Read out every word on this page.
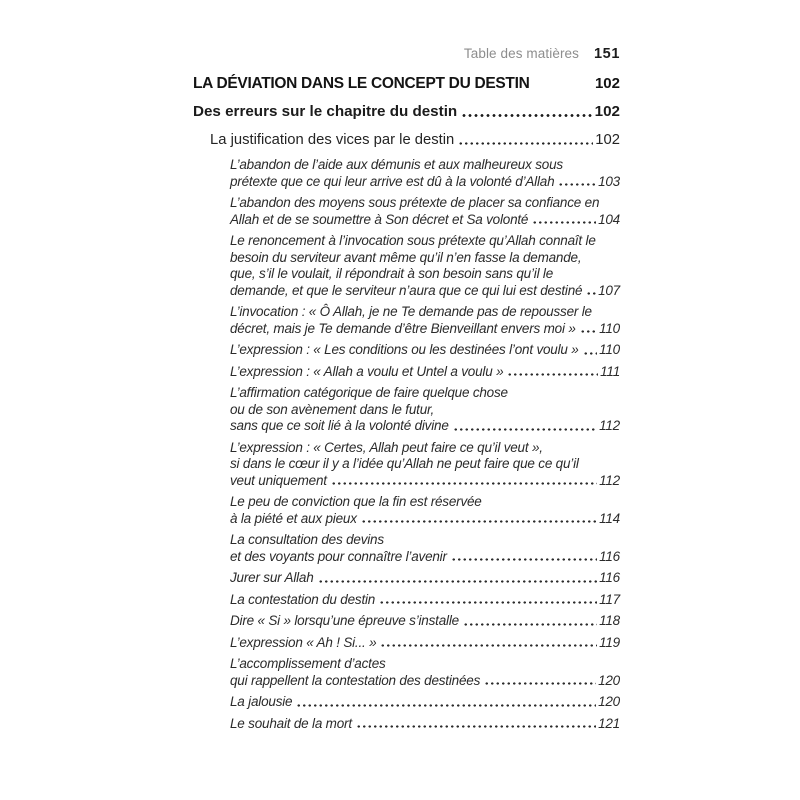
Table des matières 151
LA DÉVIATION DANS LE CONCEPT DU DESTIN	102
Des erreurs sur le chapitre du destin	102
La justification des vices par le destin	102
L’abandon de l’aide aux démunis et aux malheureux sous
prétexte que ce qui leur arrive est dû à la volonté d’Allah	103
L’abandon des moyens sous prétexte de placer sa confiance en
Allah et de se soumettre à Son décret et Sa volonté	104
Le renoncement à l’invocation sous prétexte qu’Allah connaît le
besoin du serviteur avant même qu’il n’en fasse la demande,
que, s’il le voulait, il répondrait à son besoin sans qu’il le
demande, et que le serviteur n’aura que ce qui lui est destiné 107
L’invocation : « Ô Allah, je ne Te demande pas de repousser le
décret, mais je Te demande d’être Bienveillant envers moi » 110
L’expression : « Les conditions ou les destinées l’ont voulu » 110
L’expression : « Allah a voulu et Untel a voulu »	111
L’affirmation catégorique de faire quelque chose
ou de son avènement dans le futur,
sans que ce soit lié à la volonté divine	112
L’expression : « Certes, Allah peut faire ce qu’il veut »,
si dans le cœur il y a l’idée qu’Allah ne peut faire que ce qu’il
veut uniquement	112
Le peu de conviction que la fin est réservée
à la piété et aux pieux	114
La consultation des devins
et des voyants pour connaître l’avenir	116
Jurer sur Allah	116
La contestation du destin	117
Dire « Si » lorsqu’une épreuve s’installe	118
L’expression « Ah ! Si... »	119
L’accomplissement d’actes
qui rappellent la contestation des destinées	120
La jalousie	120
Le souhait de la mort	121
